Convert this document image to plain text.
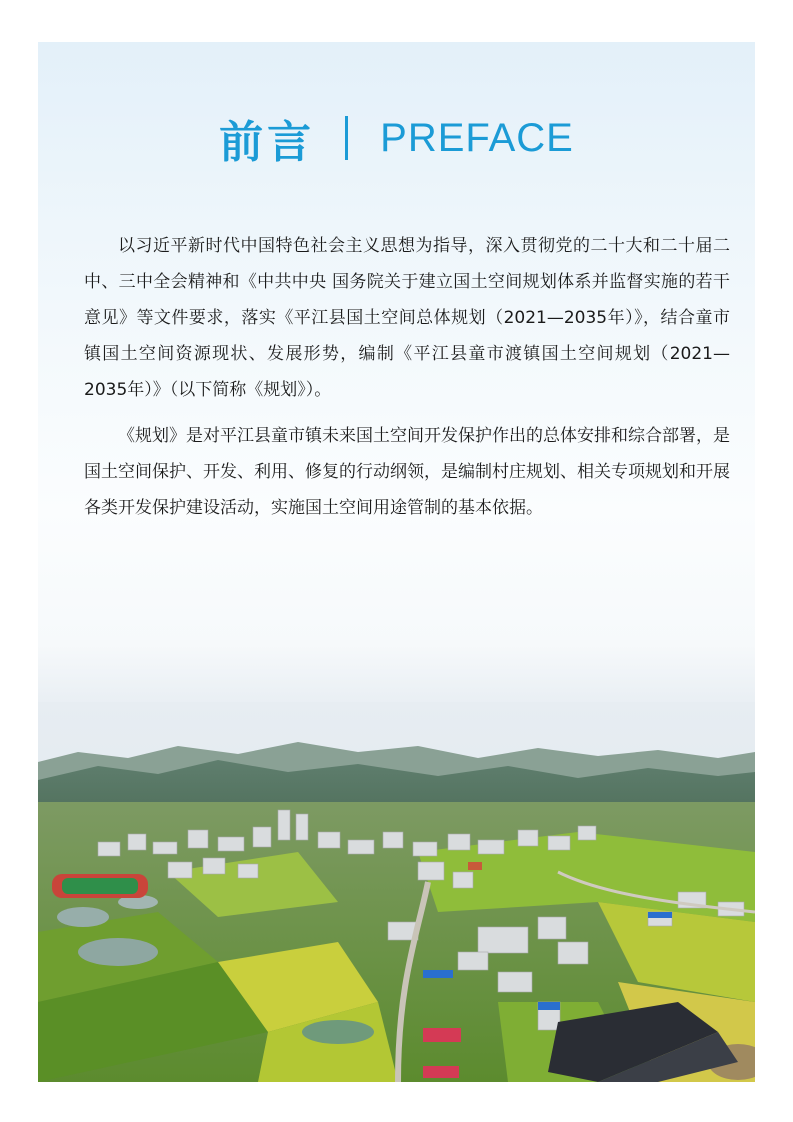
前言 PREFACE

以习近平新时代中国特色社会主义思想为指导，深入贯彻党的二十大和二十届二中、三中全会精神和《中共中央 国务院关于建立国土空间规划体系并监督实施的若干意见》等文件要求，落实《平江县国土空间总体规划（2021—2035年）》，结合童市镇国土空间资源现状、发展形势，编制《平江县童市渡镇国土空间规划（2021—2035年）》（以下简称《规划》）。

《规划》是对平江县童市镇未来国土空间开发保护作出的总体安排和综合部署，是国土空间保护、开发、利用、修复的行动纲领，是编制村庄规划、相关专项规划和开展各类开发保护建设活动，实施国土空间用途管制的基本依据。
